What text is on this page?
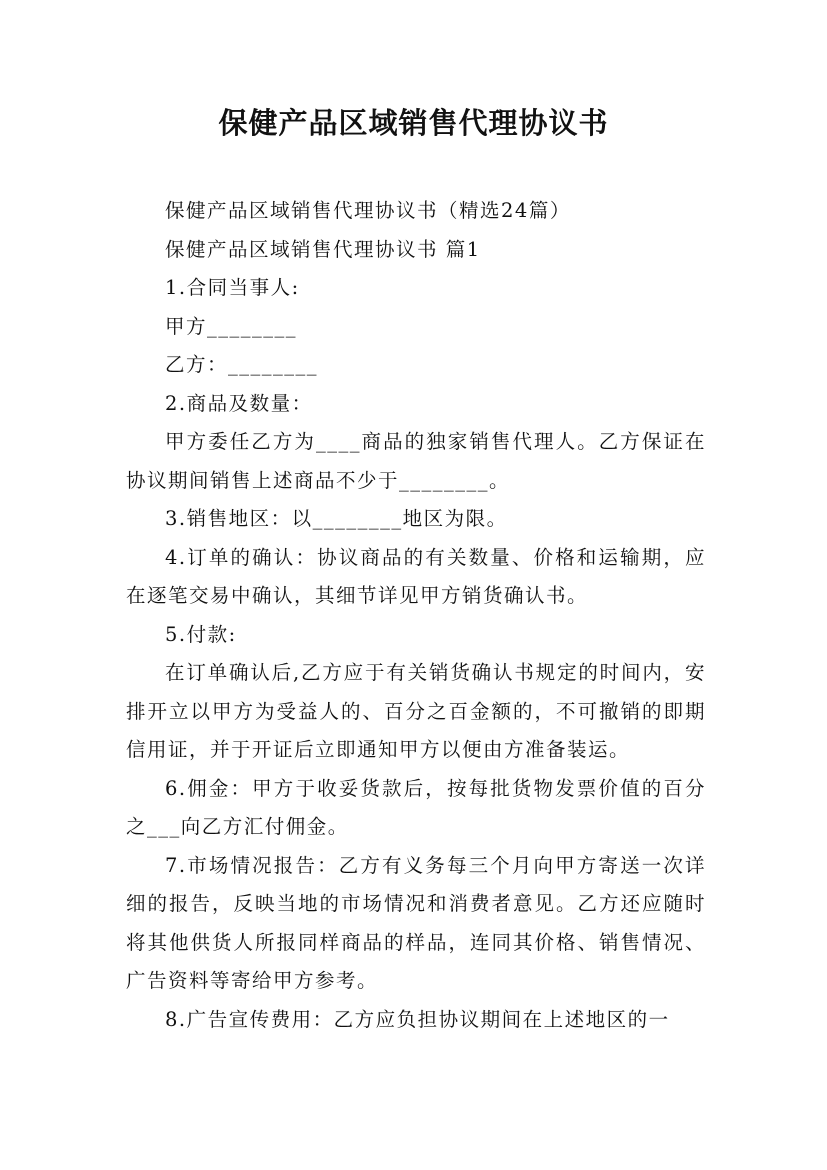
保健产品区域销售代理协议书

保健产品区域销售代理协议书（精选24篇）

保健产品区域销售代理协议书 篇1

1.合同当事人:

甲方________

乙方：________

2.商品及数量：

甲方委任乙方为____商品的独家销售代理人。乙方保证在协议期间销售上述商品不少于________。

3.销售地区：以________地区为限。

4.订单的确认：协议商品的有关数量、价格和运输期，应在逐笔交易中确认，其细节详见甲方销货确认书。

5.付款:

在订单确认后,乙方应于有关销货确认书规定的时间内，安排开立以甲方为受益人的、百分之百金额的，不可撤销的即期信用证，并于开证后立即通知甲方以便由方准备装运。

6.佣金：甲方于收妥货款后，按每批货物发票价值的百分之___向乙方汇付佣金。

7.市场情况报告：乙方有义务每三个月向甲方寄送一次详细的报告，反映当地的市场情况和消费者意见。乙方还应随时将其他供货人所报同样商品的样品，连同其价格、销售情况、广告资料等寄给甲方参考。

8.广告宣传费用：乙方应负担协议期间在上述地区的一
